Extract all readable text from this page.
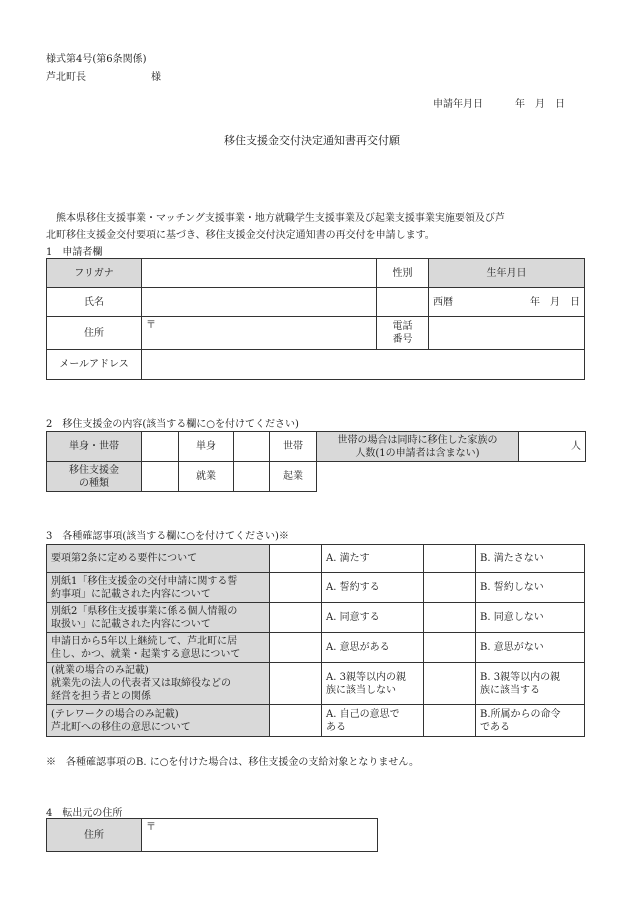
様式第4号(第6条関係)
芦北町長	様
申請年月日	年　月　日
移住支援金交付決定通知書再交付願
熊本県移住支援事業・マッチング支援事業・地方就職学生支援事業及び起業支援事業実施要領及び芦
北町移住支援金交付要項に基づき、移住支援金交付決定通知書の再交付を申請します。
1　申請者欄
フリガナ		性別	生年月日
氏名			西暦 年　月　日

住所	〒	電話
番号	
メールアドレス			
2　移住支援金の内容(該当する欄に○を付けてください)
単身・世帯		単身		世帯	世帯の場合は同時に移住した家族の
人数(1の申請者は含まない)	人
移住支援金
の種類		就業		起業		
3　各種確認事項(該当する欄に○を付けてください)※
要項第2条に定める要件について		A. 満たす		B. 満たさない
別紙1「移住支援金の交付申請に関する誓
約事項」に記載された内容について		A. 誓約する		B. 誓約しない
別紙2「県移住支援事業に係る個人情報の
取扱い」に記載された内容について		A. 同意する		B. 同意しない
申請日から5年以上継続して、芦北町に居
住し、かつ、就業・起業する意思について		A. 意思がある		B. 意思がない
(就業の場合のみ記載)
就業先の法人の代表者又は取締役などの
経営を担う者との関係		A. 3親等以内の親
族に該当しない		B. 3親等以内の親
族に該当する
(テレワークの場合のみ記載)
芦北町への移住の意思について		A. 自己の意思で
ある		B.所属からの命令
である
※　各種確認事項のB. に○を付けた場合は、移住支援金の支給対象となりません。
4　転出元の住所
住所	〒
